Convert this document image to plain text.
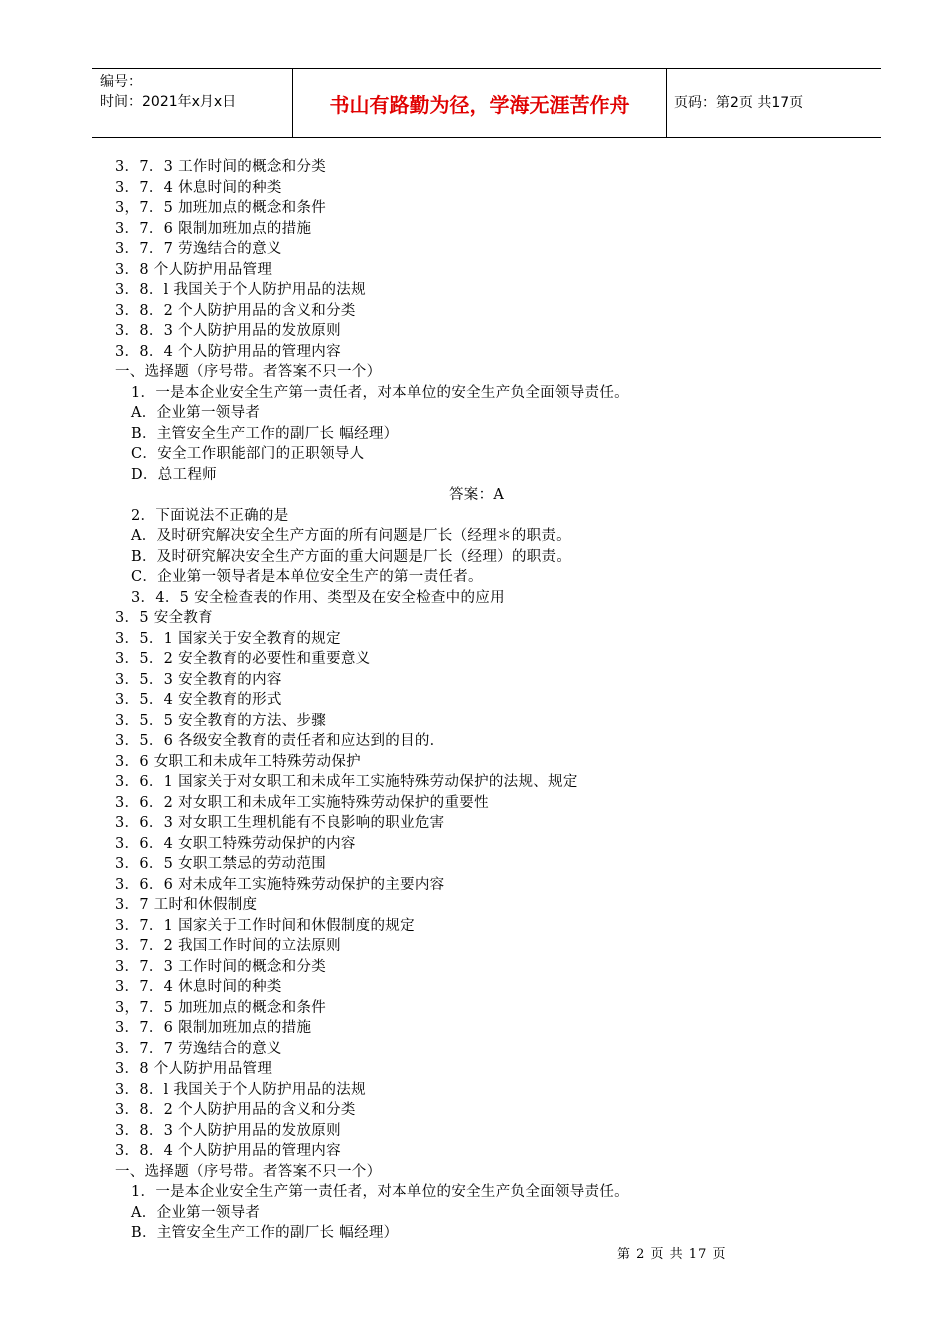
编号：
时间：2021年x月x日	书山有路勤为径，学海无涯苦作舟	页码：第2页 共17页
3．7．3 工作时间的概念和分类
3．7．4 休息时间的种类
3，7．5 加班加点的概念和条件
3．7．6 限制加班加点的措施
3．7．7 劳逸结合的意义
3．8 个人防护用品管理
3．8．l 我国关于个人防护用品的法规
3．8．2 个人防护用品的含义和分类
3．8．3 个人防护用品的发放原则
3．8．4 个人防护用品的管理内容
一、选择题（序号带。者答案不只一个）
1．一是本企业安全生产第一责任者，对本单位的安全生产负全面领导责任。
A．企业第一领导者
B．主管安全生产工作的副厂长 幅经理）
C．安全工作职能部门的正职领导人
D．总工程师
答案：A
2．下面说法不正确的是
A．及时研究解决安全生产方面的所有问题是厂长（经理＊的职责。
B．及时研究解决安全生产方面的重大问题是厂长（经理）的职责。
C．企业第一领导者是本单位安全生产的第一责任者。
3．4．5 安全检查表的作用、类型及在安全检查中的应用
3．5 安全教育
3．5．1 国家关于安全教育的规定
3．5．2 安全教育的必要性和重要意义
3．5．3 安全教育的内容
3．5．4 安全教育的形式
3．5．5 安全教育的方法、步骤
3．5．6 各级安全教育的责任者和应达到的目的．
3．6 女职工和未成年工特殊劳动保护
3．6．1 国家关于对女职工和未成年工实施特殊劳动保护的法规、规定
3．6．2 对女职工和未成年工实施特殊劳动保护的重要性
3．6．3 对女职工生理机能有不良影响的职业危害
3．6．4 女职工特殊劳动保护的内容
3．6．5 女职工禁忌的劳动范围
3．6．6 对未成年工实施特殊劳动保护的主要内容
3．7 工时和休假制度
3．7．1 国家关于工作时间和休假制度的规定
3．7．2 我国工作时间的立法原则
3．7．3 工作时间的概念和分类
3．7．4 休息时间的种类
3，7．5 加班加点的概念和条件
3．7．6 限制加班加点的措施
3．7．7 劳逸结合的意义
3．8 个人防护用品管理
3．8．l 我国关于个人防护用品的法规
3．8．2 个人防护用品的含义和分类
3．8．3 个人防护用品的发放原则
3．8．4 个人防护用品的管理内容
一、选择题（序号带。者答案不只一个）
1．一是本企业安全生产第一责任者，对本单位的安全生产负全面领导责任。
A．企业第一领导者
B．主管安全生产工作的副厂长 幅经理）
第 2 页 共 17 页
